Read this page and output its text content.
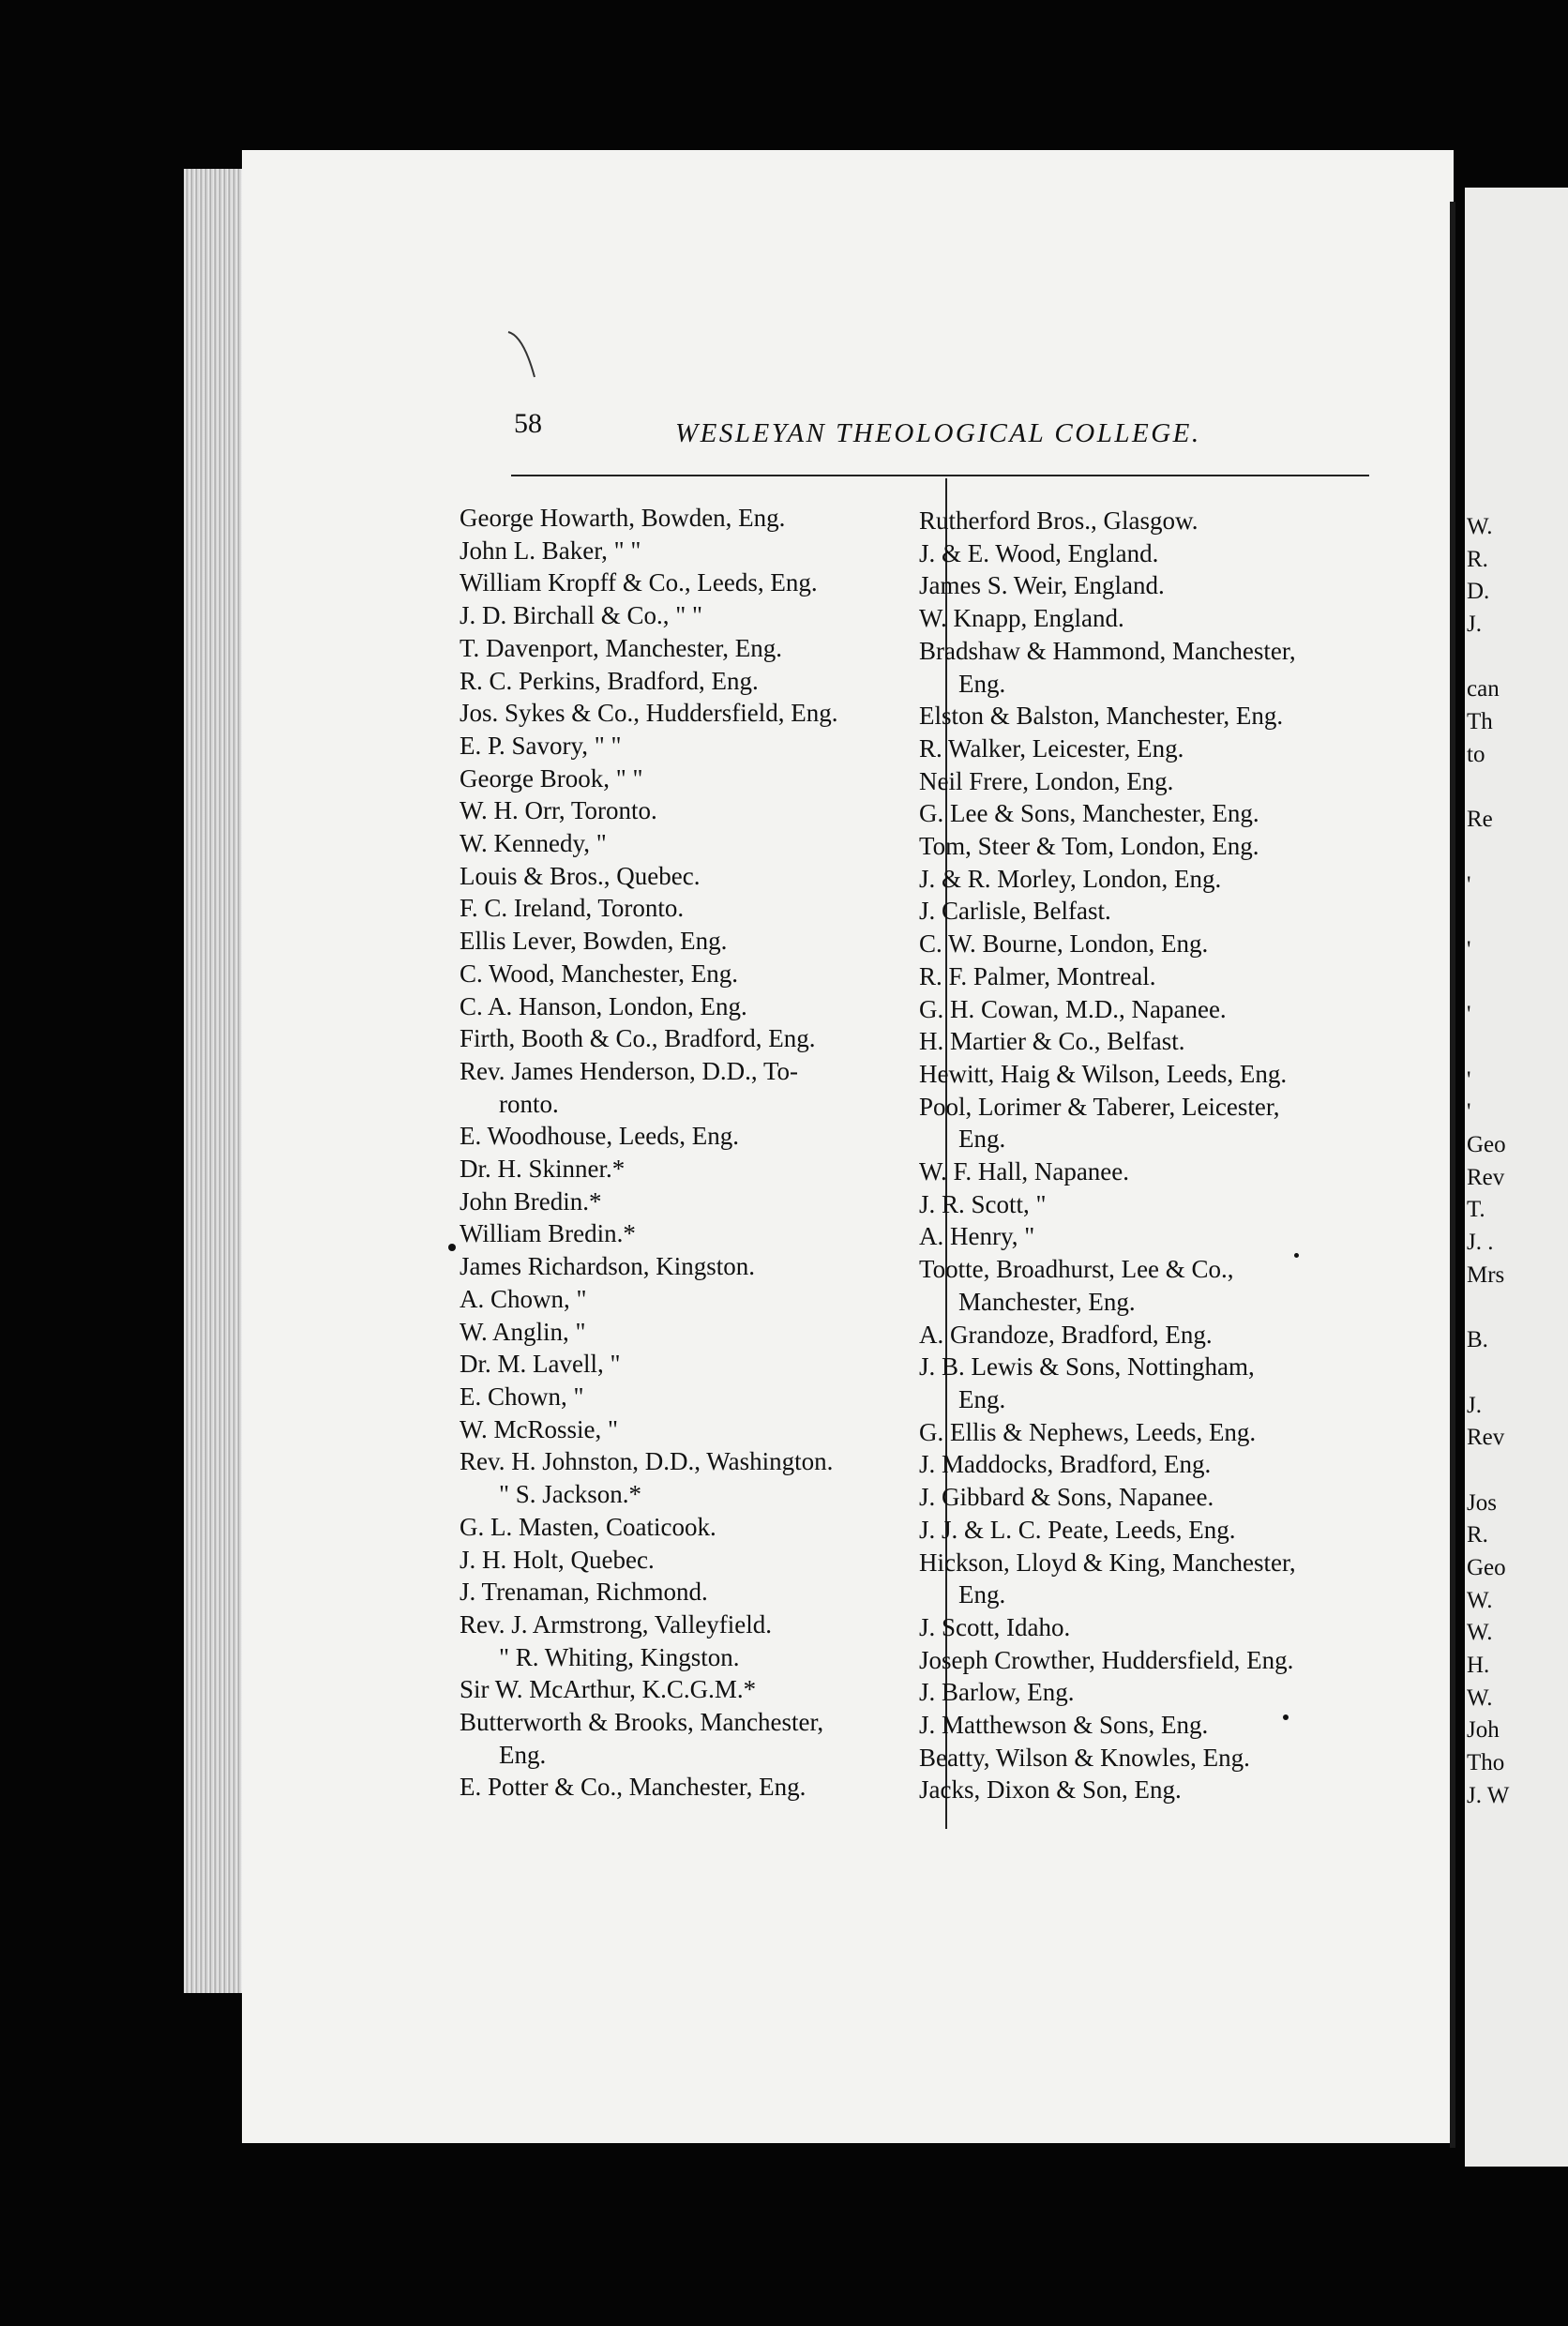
W.
R.
D.
J.
can
Th
to
Re
'
'
'
'
'
Geo
Rev
T.
J. .
Mrs
B.
J.
Rev
Jos
R.
Geo
W.
W.
H.
W.
Joh
Tho
J. W
58	WESLEYAN THEOLOGICAL COLLEGE.
George Howarth, Bowden, Eng.
John L. Baker, " "
William Kropff & Co., Leeds, Eng.
J. D. Birchall & Co., " "
T. Davenport, Manchester, Eng.
R. C. Perkins, Bradford, Eng.
Jos. Sykes & Co., Huddersfield, Eng.
E. P. Savory, " "
George Brook, " "
W. H. Orr, Toronto.
W. Kennedy, "
Louis & Bros., Quebec.
F. C. Ireland, Toronto.
Ellis Lever, Bowden, Eng.
C. Wood, Manchester, Eng.
C. A. Hanson, London, Eng.
Firth, Booth & Co., Bradford, Eng.
Rev. James Henderson, D.D., To-
ronto.
E. Woodhouse, Leeds, Eng.
Dr. H. Skinner.*
John Bredin.*
William Bredin.*
James Richardson, Kingston.
A. Chown, "
W. Anglin, "
Dr. M. Lavell, "
E. Chown, "
W. McRossie, "
Rev. H. Johnston, D.D., Washington.
" S. Jackson.*
G. L. Masten, Coaticook.
J. H. Holt, Quebec.
J. Trenaman, Richmond.
Rev. J. Armstrong, Valleyfield.
" R. Whiting, Kingston.
Sir W. McArthur, K.C.G.M.*
Butterworth & Brooks, Manchester,
Eng.
E. Potter & Co., Manchester, Eng.
Rutherford Bros., Glasgow.
J. & E. Wood, England.
James S. Weir, England.
W. Knapp, England.
Bradshaw & Hammond, Manchester,
Eng.
Elston & Balston, Manchester, Eng.
R. Walker, Leicester, Eng.
Neil Frere, London, Eng.
G. Lee & Sons, Manchester, Eng.
Tom, Steer & Tom, London, Eng.
J. & R. Morley, London, Eng.
J. Carlisle, Belfast.
C. W. Bourne, London, Eng.
R. F. Palmer, Montreal.
G. H. Cowan, M.D., Napanee.
H. Martier & Co., Belfast.
Hewitt, Haig & Wilson, Leeds, Eng.
Pool, Lorimer & Taberer, Leicester,
Eng.
W. F. Hall, Napanee.
J. R. Scott, "
A. Henry, "
Tootte, Broadhurst, Lee & Co.,
Manchester, Eng.
A. Grandoze, Bradford, Eng.
J. B. Lewis & Sons, Nottingham,
Eng.
G. Ellis & Nephews, Leeds, Eng.
J. Maddocks, Bradford, Eng.
J. Gibbard & Sons, Napanee.
J. J. & L. C. Peate, Leeds, Eng.
Hickson, Lloyd & King, Manchester,
Eng.
J. Scott, Idaho.
Joseph Crowther, Huddersfield, Eng.
J. Barlow, Eng.
J. Matthewson & Sons, Eng.
Beatty, Wilson & Knowles, Eng.
Jacks, Dixon & Son, Eng.
